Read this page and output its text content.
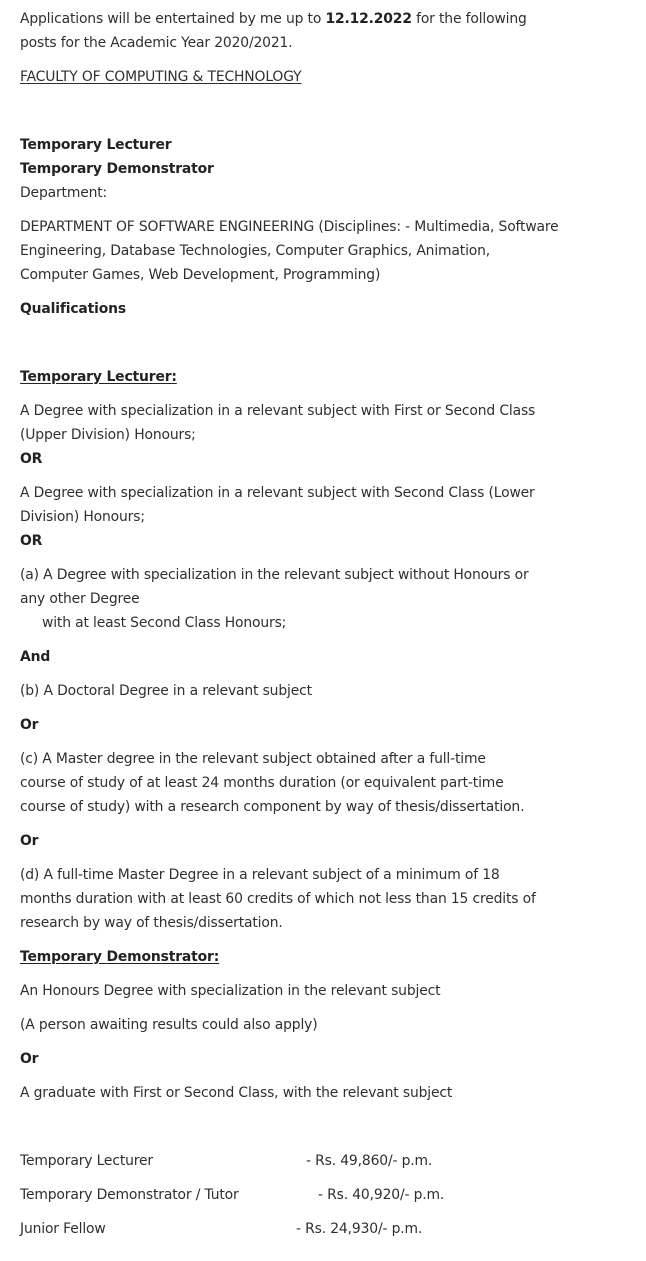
Applications will be entertained by me up to 12.12.2022 for the following

posts for the Academic Year 2020/2021.
FACULTY OF COMPUTING & TECHNOLOGY
Temporary Lecturer
Temporary Demonstrator
Department:
DEPARTMENT OF SOFTWARE ENGINEERING (Disciplines: - Multimedia, Software
Engineering, Database Technologies, Computer Graphics, Animation,
Computer Games, Web Development, Programming)
Qualifications
Temporary Lecturer:
A Degree with specialization in a relevant subject with First or Second Class
(Upper Division) Honours;
OR
A Degree with specialization in a relevant subject with Second Class (Lower
Division) Honours;
OR
(a) A Degree with specialization in the relevant subject without Honours or
any other Degree
with at least Second Class Honours;
And
(b) A Doctoral Degree in a relevant subject
Or
(c) A Master degree in the relevant subject obtained after a full-time
course of study of at least 24 months duration (or equivalent part-time
course of study) with a research component by way of thesis/dissertation.
Or
(d) A full-time Master Degree in a relevant subject of a minimum of 18
months duration with at least 60 credits of which not less than 15 credits of
research by way of thesis/dissertation.
Temporary Demonstrator:
An Honours Degree with specialization in the relevant subject
(A person awaiting results could also apply)
Or
A graduate with First or Second Class, with the relevant subject
Temporary Lecturer	- Rs. 49,860/- p.m.
Temporary Demonstrator / Tutor	- Rs. 40,920/- p.m.
Junior Fellow	- Rs. 24,930/- p.m.
